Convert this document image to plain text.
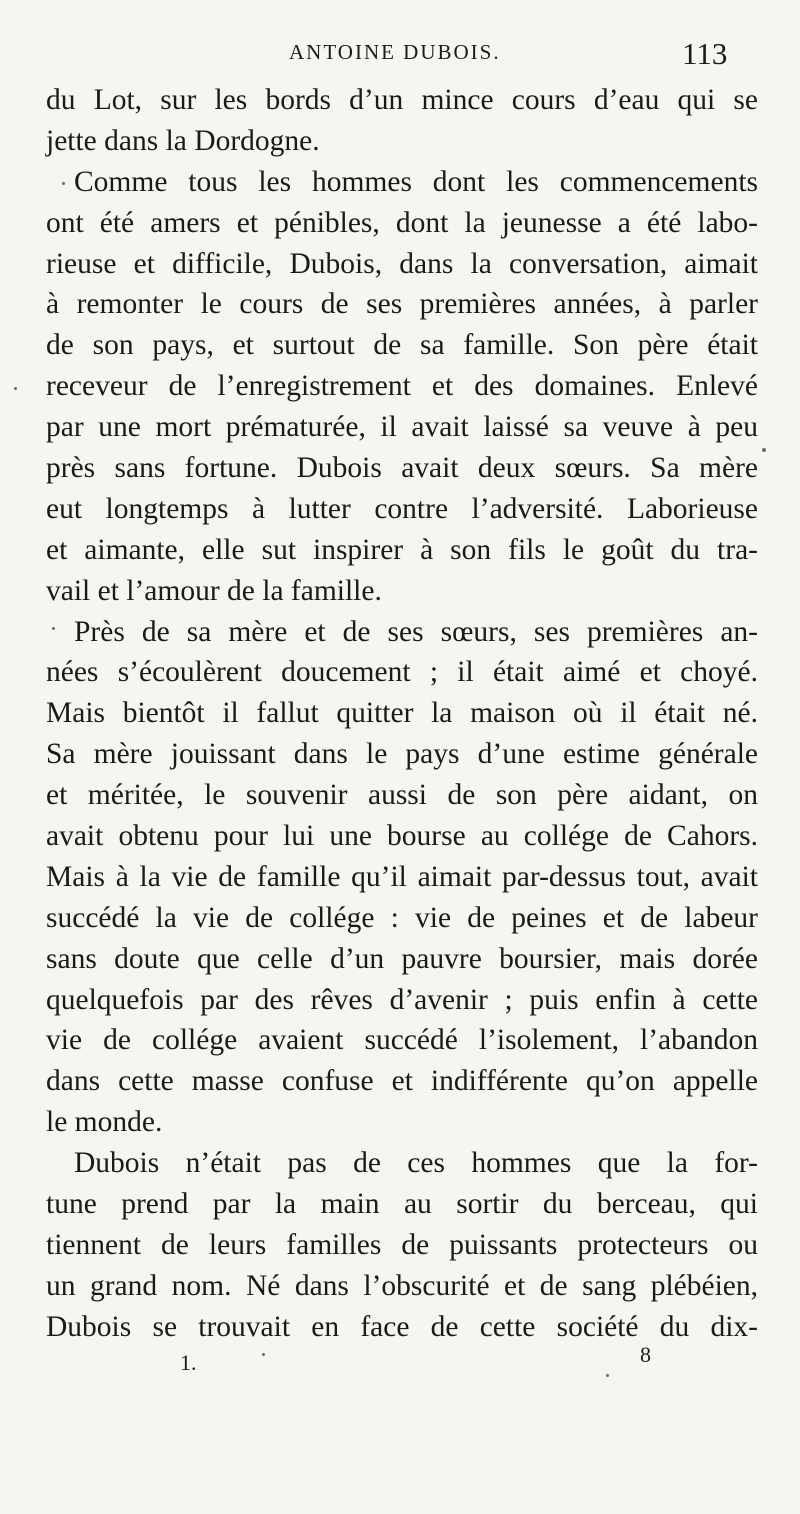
ANTOINE DUBOIS.	113
du Lot, sur les bords d’un mince cours d’eau qui se
jette dans la Dordogne.
Comme tous les hommes dont les commencements
ont été amers et pénibles, dont la jeunesse a été labo-
rieuse et difficile, Dubois, dans la conversation, aimait
à remonter le cours de ses premières années, à parler
de son pays, et surtout de sa famille. Son père était
receveur de l’enregistrement et des domaines. Enlevé
par une mort prématurée, il avait laissé sa veuve à peu
près sans fortune. Dubois avait deux sœurs. Sa mère
eut longtemps à lutter contre l’adversité. Laborieuse
et aimante, elle sut inspirer à son fils le goût du tra-
vail et l’amour de la famille.
Près de sa mère et de ses sœurs, ses premières an-
nées s’écoulèrent doucement ; il était aimé et choyé.
Mais bientôt il fallut quitter la maison où il était né.
Sa mère jouissant dans le pays d’une estime générale
et méritée, le souvenir aussi de son père aidant, on
avait obtenu pour lui une bourse au collége de Cahors.
Mais à la vie de famille qu’il aimait par-dessus tout, avait
succédé la vie de collége : vie de peines et de labeur
sans doute que celle d’un pauvre boursier, mais dorée
quelquefois par des rêves d’avenir ; puis enfin à cette
vie de collége avaient succédé l’isolement, l’abandon
dans cette masse confuse et indifférente qu’on appelle
le monde.
Dubois n’était pas de ces hommes que la for-
tune prend par la main au sortir du berceau, qui
tiennent de leurs familles de puissants protecteurs ou
un grand nom. Né dans l’obscurité et de sang plébéien,
Dubois se trouvait en face de cette société du dix-
1.	8
